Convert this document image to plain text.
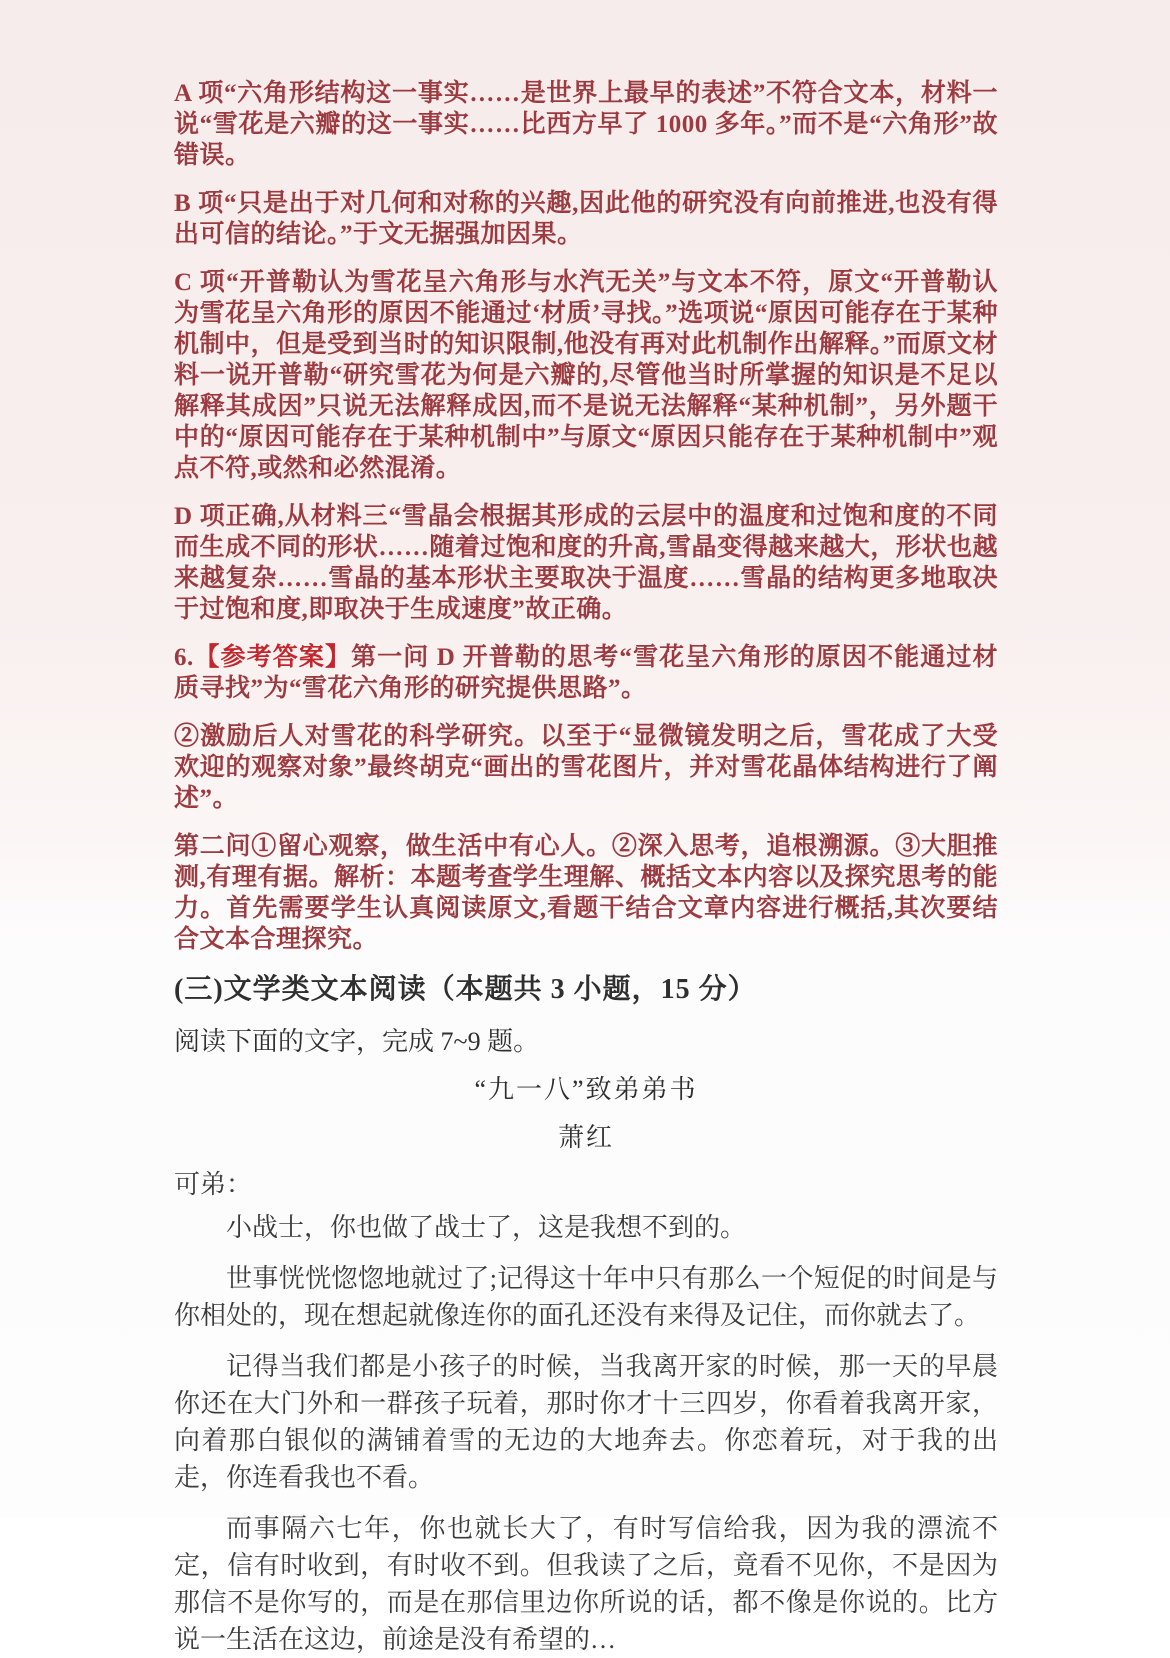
A 项“六角形结构这一事实……是世界上最早的表述”不符合文本，材料一说“雪花是六瓣的这一事实……比西方早了 1000 多年。”而不是“六角形”故错误。

B 项“只是出于对几何和对称的兴趣,因此他的研究没有向前推进,也没有得出可信的结论。”于文无据强加因果。

C 项“开普勒认为雪花呈六角形与水汽无关”与文本不符，原文“开普勒认为雪花呈六角形的原因不能通过‘材质’寻找。”选项说“原因可能存在于某种机制中，但是受到当时的知识限制,他没有再对此机制作出解释。”而原文材料一说开普勒“研究雪花为何是六瓣的,尽管他当时所掌握的知识是不足以解释其成因”只说无法解释成因,而不是说无法解释“某种机制”，另外题干中的“原因可能存在于某种机制中”与原文“原因只能存在于某种机制中”观点不符,或然和必然混淆。

D 项正确,从材料三“雪晶会根据其形成的云层中的温度和过饱和度的不同而生成不同的形状……随着过饱和度的升高,雪晶变得越来越大，形状也越来越复杂……雪晶的基本形状主要取决于温度……雪晶的结构更多地取决于过饱和度,即取决于生成速度”故正确。

6.【参考答案】第一问 D 开普勒的思考“雪花呈六角形的原因不能通过材质寻找”为“雪花六角形的研究提供思路”。

②激励后人对雪花的科学研究。以至于“显微镜发明之后，雪花成了大受欢迎的观察对象”最终胡克“画出的雪花图片，并对雪花晶体结构进行了阐述”。

第二问①留心观察，做生活中有心人。②深入思考，追根溯源。③大胆推测,有理有据。解析：本题考查学生理解、概括文本内容以及探究思考的能力。首先需要学生认真阅读原文,看题干结合文章内容进行概括,其次要结合文本合理探究。

(三)文学类文本阅读（本题共 3 小题，15 分）
阅读下面的文字，完成 7~9 题。
“九一八”致弟弟书
萧红

可弟：

小战士，你也做了战士了，这是我想不到的。

世事恍恍惚惚地就过了;记得这十年中只有那么一个短促的时间是与你相处的，现在想起就像连你的面孔还没有来得及记住，而你就去了。

记得当我们都是小孩子的时候，当我离开家的时候，那一天的早晨你还在大门外和一群孩子玩着，那时你才十三四岁，你看着我离开家，向着那白银似的满铺着雪的无边的大地奔去。你恋着玩，对于我的出走，你连看我也不看。

而事隔六七年，你也就长大了，有时写信给我，因为我的漂流不定，信有时收到，有时收不到。但我读了之后，竟看不见你，不是因为那信不是你写的，而是在那信里边你所说的话，都不像是你说的。比方说一生活在这边，前途是没有希望的…
